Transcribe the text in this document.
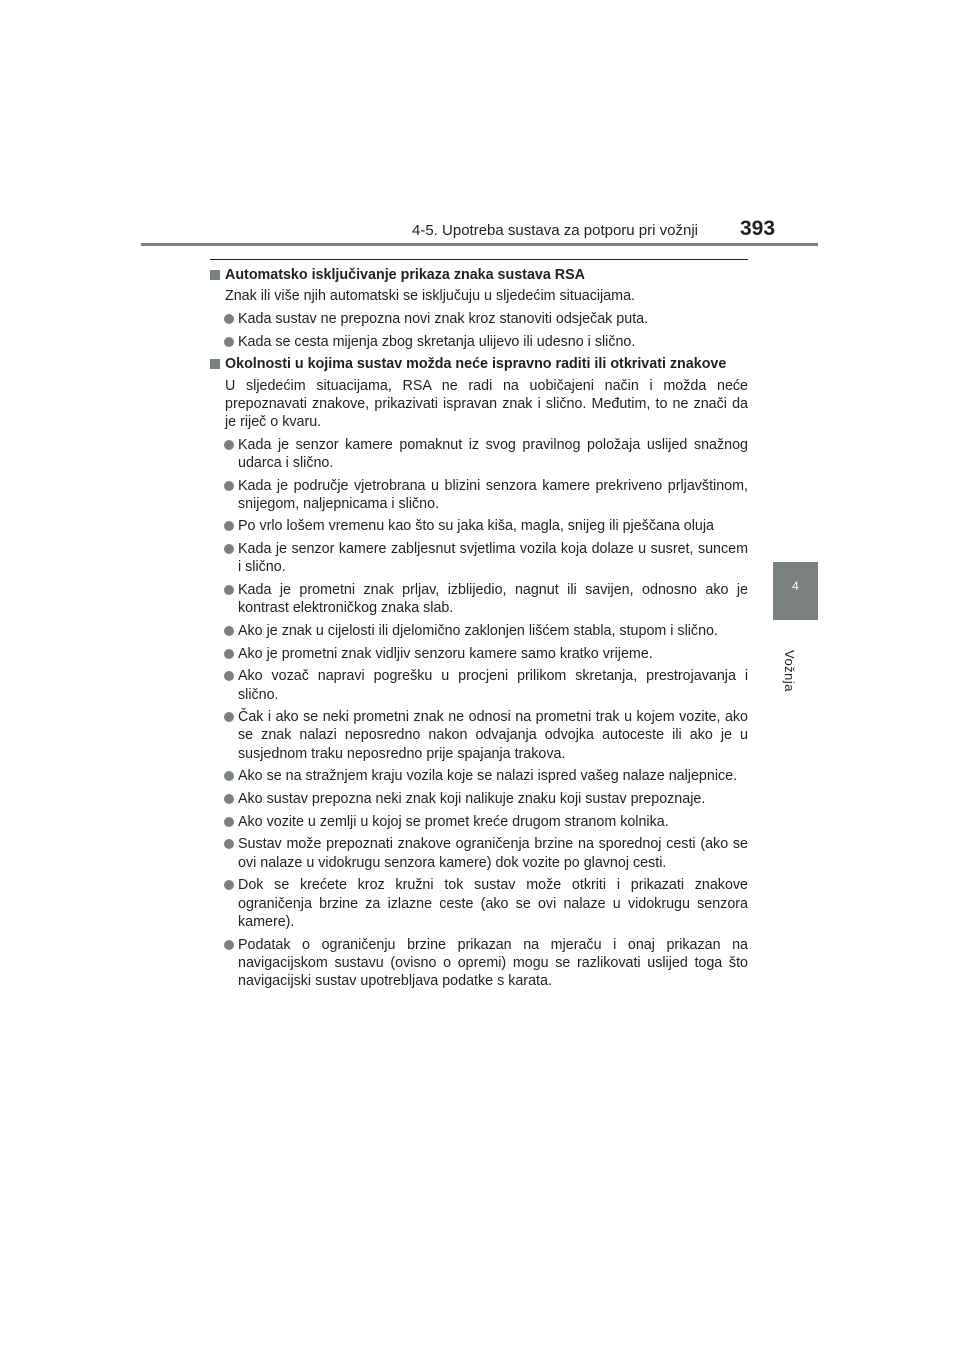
4-5. Upotreba sustava za potporu pri vožnji 393
4
Vožnja
Automatsko isključivanje prikaza znaka sustava RSA
Znak ili više njih automatski se isključuju u sljedećim situacijama.
Kada sustav ne prepozna novi znak kroz stanoviti odsječak puta.
Kada se cesta mijenja zbog skretanja ulijevo ili udesno i slično.
Okolnosti u kojima sustav možda neće ispravno raditi ili otkrivati znakove
U sljedećim situacijama, RSA ne radi na uobičajeni način i možda neće prepoznavati znakove, prikazivati ispravan znak i slično. Međutim, to ne znači da je riječ o kvaru.
Kada je senzor kamere pomaknut iz svog pravilnog položaja uslijed snažnog udarca i slično.
Kada je područje vjetrobrana u blizini senzora kamere prekriveno prljavštinom, snijegom, naljepnicama i slično.
Po vrlo lošem vremenu kao što su jaka kiša, magla, snijeg ili pješčana oluja
Kada je senzor kamere zabljesnut svjetlima vozila koja dolaze u susret, suncem i slično.
Kada je prometni znak prljav, izblijedio, nagnut ili savijen, odnosno ako je kontrast elektroničkog znaka slab.
Ako je znak u cijelosti ili djelomično zaklonjen lišćem stabla, stupom i slično.
Ako je prometni znak vidljiv senzoru kamere samo kratko vrijeme.
Ako vozač napravi pogrešku u procjeni prilikom skretanja, prestrojavanja i slično.
Čak i ako se neki prometni znak ne odnosi na prometni trak u kojem vozite, ako se znak nalazi neposredno nakon odvajanja odvojka autoceste ili ako je u susjednom traku neposredno prije spajanja trakova.
Ako se na stražnjem kraju vozila koje se nalazi ispred vašeg nalaze naljepnice.
Ako sustav prepozna neki znak koji nalikuje znaku koji sustav prepoznaje.
Ako vozite u zemlji u kojoj se promet kreće drugom stranom kolnika.
Sustav može prepoznati znakove ograničenja brzine na sporednoj cesti (ako se ovi nalaze u vidokrugu senzora kamere) dok vozite po glavnoj cesti.
Dok se krećete kroz kružni tok sustav može otkriti i prikazati znakove ograničenja brzine za izlazne ceste (ako se ovi nalaze u vidokrugu senzora kamere).
Podatak o ograničenju brzine prikazan na mjeraču i onaj prikazan na navigacijskom sustavu (ovisno o opremi) mogu se razlikovati uslijed toga što navigacijski sustav upotrebljava podatke s karata.
